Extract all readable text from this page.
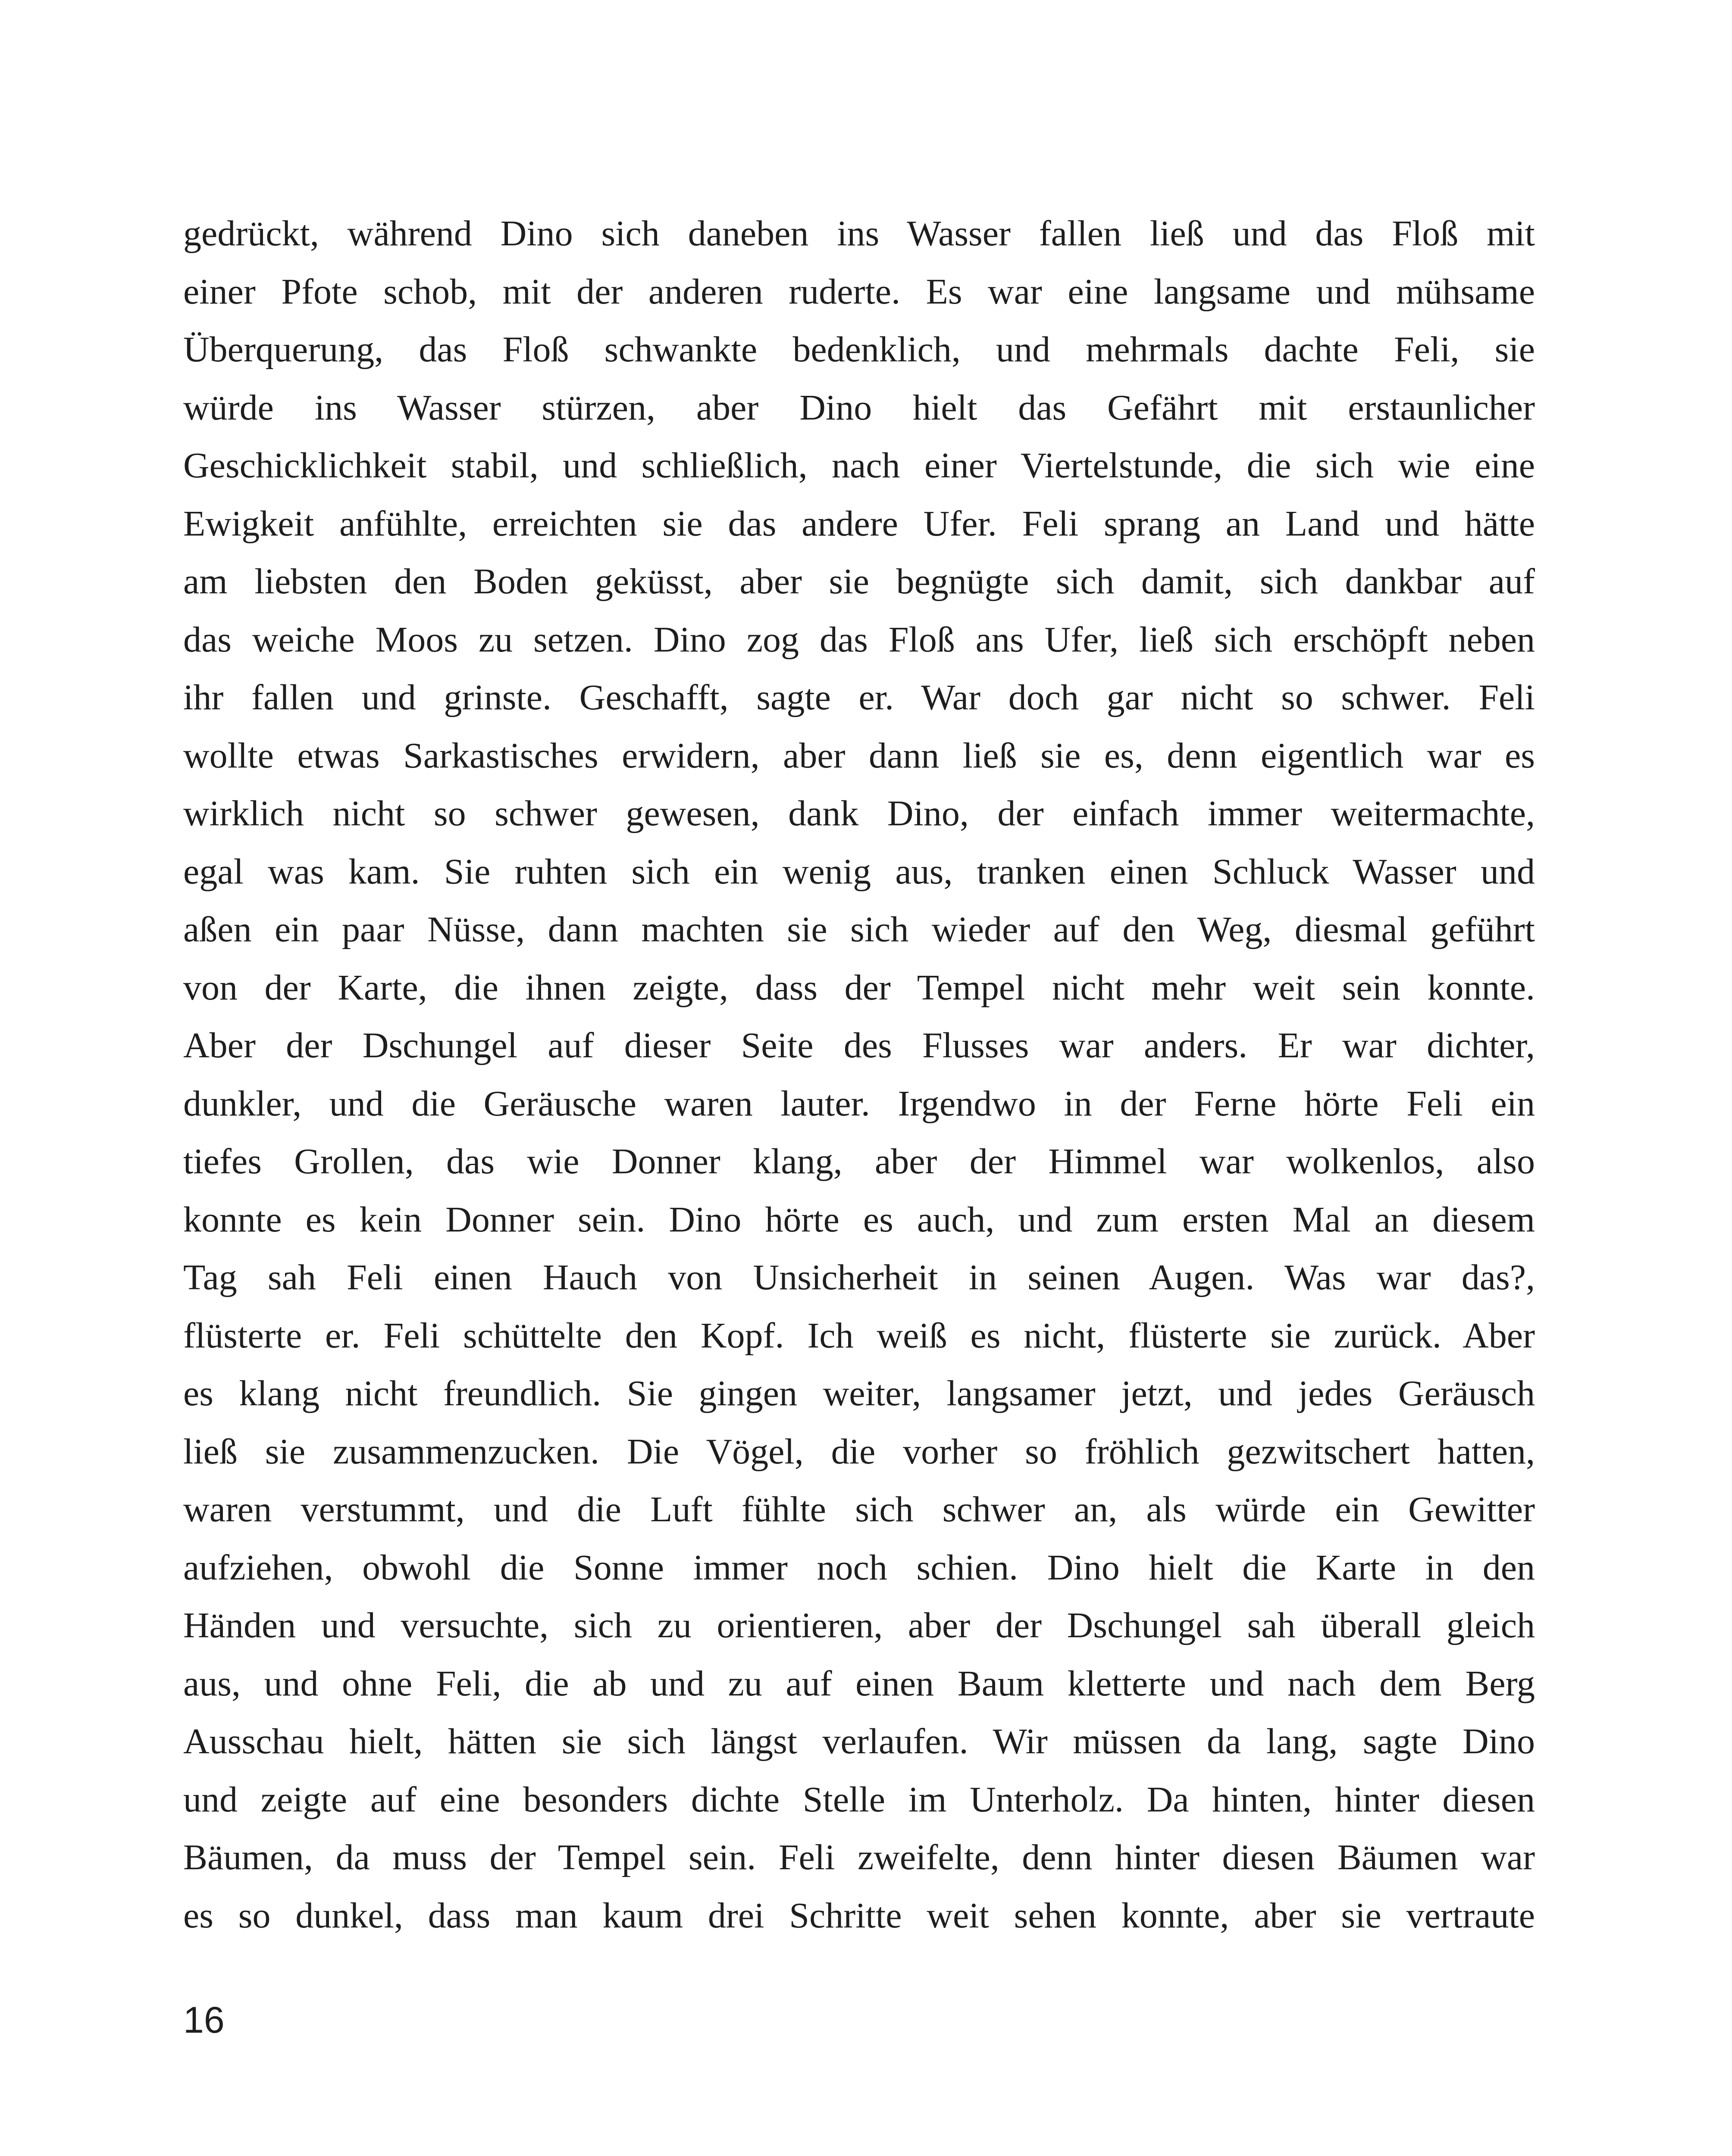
gedrückt, während Dino sich daneben ins Wasser fallen ließ und das Floß mit
einer Pfote schob, mit der anderen ruderte. Es war eine langsame und mühsame
Überquerung, das Floß schwankte bedenklich, und mehrmals dachte Feli, sie
würde ins Wasser stürzen, aber Dino hielt das Gefährt mit erstaunlicher
Geschicklichkeit stabil, und schließlich, nach einer Viertelstunde, die sich wie eine
Ewigkeit anfühlte, erreichten sie das andere Ufer. Feli sprang an Land und hätte
am liebsten den Boden geküsst, aber sie begnügte sich damit, sich dankbar auf
das weiche Moos zu setzen. Dino zog das Floß ans Ufer, ließ sich erschöpft neben
ihr fallen und grinste. Geschafft, sagte er. War doch gar nicht so schwer. Feli
wollte etwas Sarkastisches erwidern, aber dann ließ sie es, denn eigentlich war es
wirklich nicht so schwer gewesen, dank Dino, der einfach immer weitermachte,
egal was kam. Sie ruhten sich ein wenig aus, tranken einen Schluck Wasser und
aßen ein paar Nüsse, dann machten sie sich wieder auf den Weg, diesmal geführt
von der Karte, die ihnen zeigte, dass der Tempel nicht mehr weit sein konnte.
Aber der Dschungel auf dieser Seite des Flusses war anders. Er war dichter,
dunkler, und die Geräusche waren lauter. Irgendwo in der Ferne hörte Feli ein
tiefes Grollen, das wie Donner klang, aber der Himmel war wolkenlos, also
konnte es kein Donner sein. Dino hörte es auch, und zum ersten Mal an diesem
Tag sah Feli einen Hauch von Unsicherheit in seinen Augen. Was war das?,
flüsterte er. Feli schüttelte den Kopf. Ich weiß es nicht, flüsterte sie zurück. Aber
es klang nicht freundlich. Sie gingen weiter, langsamer jetzt, und jedes Geräusch
ließ sie zusammenzucken. Die Vögel, die vorher so fröhlich gezwitschert hatten,
waren verstummt, und die Luft fühlte sich schwer an, als würde ein Gewitter
aufziehen, obwohl die Sonne immer noch schien. Dino hielt die Karte in den
Händen und versuchte, sich zu orientieren, aber der Dschungel sah überall gleich
aus, und ohne Feli, die ab und zu auf einen Baum kletterte und nach dem Berg
Ausschau hielt, hätten sie sich längst verlaufen. Wir müssen da lang, sagte Dino
und zeigte auf eine besonders dichte Stelle im Unterholz. Da hinten, hinter diesen
Bäumen, da muss der Tempel sein. Feli zweifelte, denn hinter diesen Bäumen war
es so dunkel, dass man kaum drei Schritte weit sehen konnte, aber sie vertraute
16
